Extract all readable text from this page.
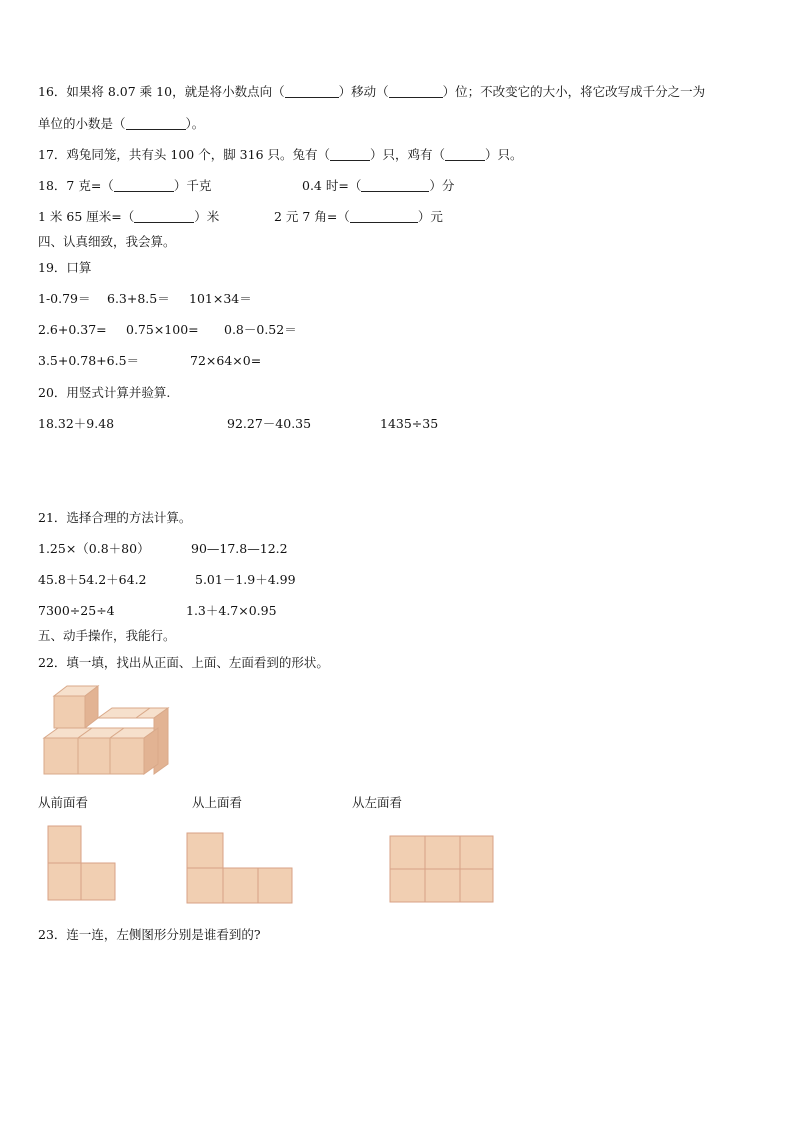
16．如果将 8.07 乘 10，就是将小数点向（	）移动（	）位；不改变它的大小，将它改写成千分之一为
单位的小数是（	）。
17．鸡兔同笼，共有头 100 个，脚 316 只。兔有（	）只，鸡有（	）只。
18．7 克=（	）千克	0.4 时=（	）分
1 米 65 厘米=（	）米	2 元 7 角=（	）元
四、认真细致，我会算。
19．口算
1-0.79＝ 6.3+8.5＝ 101×34＝
2.6+0.37= 0.75×100= 0.8－0.52＝
3.5+0.78+6.5＝	72×64×0=
20．用竖式计算并验算.
18.32＋9.48	92.27－40.35	1435÷35
21．选择合理的方法计算。
1.25×（0.8＋80）	90—17.8—12.2
45.8＋54.2＋64.2	5.01－1.9＋4.99
7300÷25÷4	1.3＋4.7×0.95
五、动手操作，我能行。
22．填一填，找出从正面、上面、左面看到的形状。
从前面看	从上面看	从左面看
23．连一连，左侧图形分别是谁看到的?
